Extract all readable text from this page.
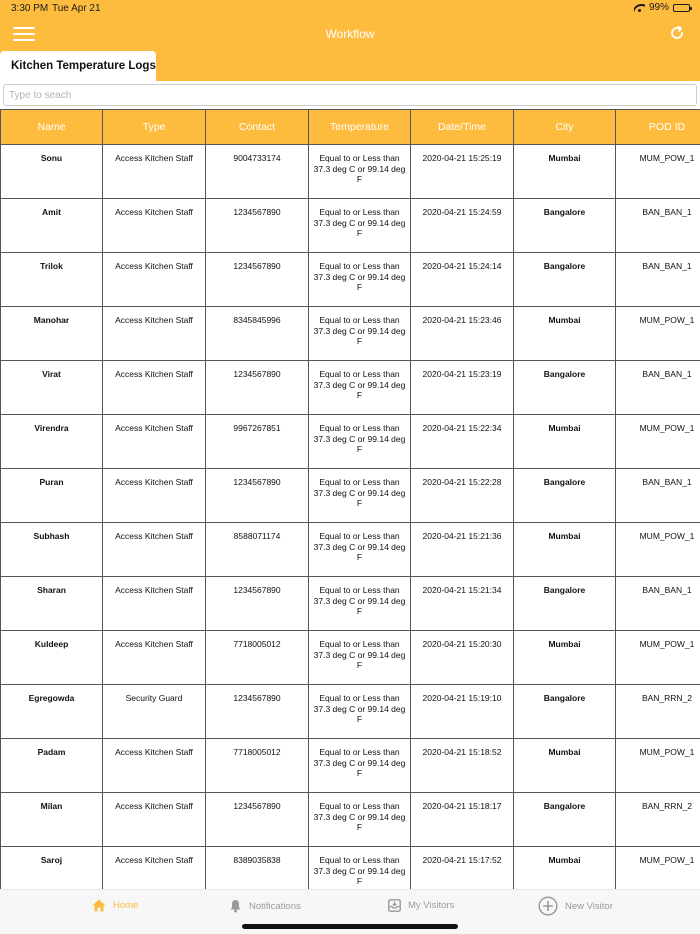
3:30 PM Tue Apr 21	99%
Workflow
Kitchen Temperature Logs
Type to seach
Name	Type	Contact	Temperature	Date/Time	City	POD ID
Sonu	Access Kitchen Staff	9004733174	Equal to or Less than 37.3 deg C or 99.14 deg F	2020-04-21 15:25:19	Mumbai	MUM_POW_1
Amit	Access Kitchen Staff	1234567890	Equal to or Less than 37.3 deg C or 99.14 deg F	2020-04-21 15:24:59	Bangalore	BAN_BAN_1
Trilok	Access Kitchen Staff	1234567890	Equal to or Less than 37.3 deg C or 99.14 deg F	2020-04-21 15:24:14	Bangalore	BAN_BAN_1
Manohar	Access Kitchen Staff	8345845996	Equal to or Less than 37.3 deg C or 99.14 deg F	2020-04-21 15:23:46	Mumbai	MUM_POW_1
Virat	Access Kitchen Staff	1234567890	Equal to or Less than 37.3 deg C or 99.14 deg F	2020-04-21 15:23:19	Bangalore	BAN_BAN_1
Virendra	Access Kitchen Staff	9967267851	Equal to or Less than 37.3 deg C or 99.14 deg F	2020-04-21 15:22:34	Mumbai	MUM_POW_1
Puran	Access Kitchen Staff	1234567890	Equal to or Less than 37.3 deg C or 99.14 deg F	2020-04-21 15:22:28	Bangalore	BAN_BAN_1
Subhash	Access Kitchen Staff	8588071174	Equal to or Less than 37.3 deg C or 99.14 deg F	2020-04-21 15:21:36	Mumbai	MUM_POW_1
Sharan	Access Kitchen Staff	1234567890	Equal to or Less than 37.3 deg C or 99.14 deg F	2020-04-21 15:21:34	Bangalore	BAN_BAN_1
Kuldeep	Access Kitchen Staff	7718005012	Equal to or Less than 37.3 deg C or 99.14 deg F	2020-04-21 15:20:30	Mumbai	MUM_POW_1
Egregowda	Security Guard	1234567890	Equal to or Less than 37.3 deg C or 99.14 deg F	2020-04-21 15:19:10	Bangalore	BAN_RRN_2
Padam	Access Kitchen Staff	7718005012	Equal to or Less than 37.3 deg C or 99.14 deg F	2020-04-21 15:18:52	Mumbai	MUM_POW_1
Milan	Access Kitchen Staff	1234567890	Equal to or Less than 37.3 deg C or 99.14 deg F	2020-04-21 15:18:17	Bangalore	BAN_RRN_2
Saroj	Access Kitchen Staff	8389035838	Equal to or Less than 37.3 deg C or 99.14 deg F	2020-04-21 15:17:52	Mumbai	MUM_POW_1
Home	Notifications	My Visitors	New Visitor
